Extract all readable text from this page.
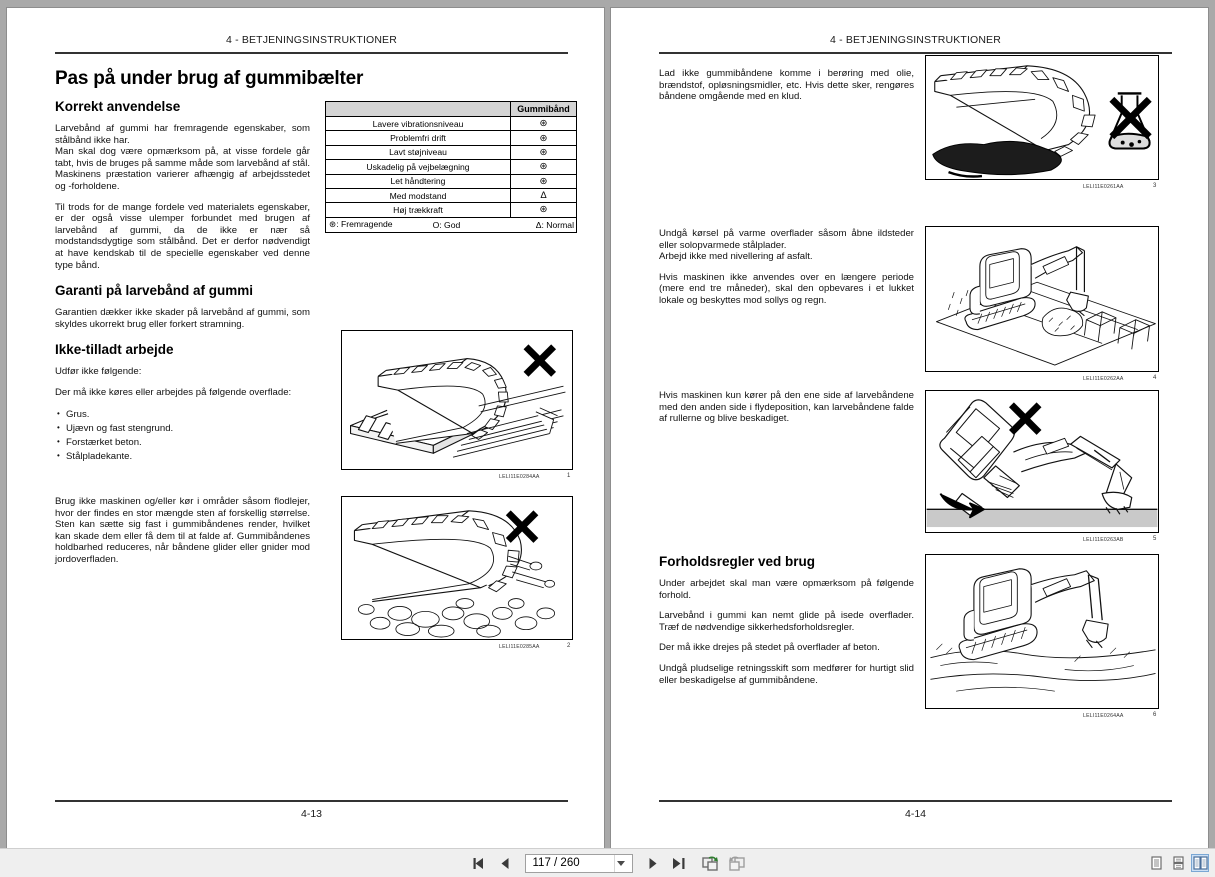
4 - BETJENINGSINSTRUKTIONER
Pas på under brug af gummibælter
Korrekt anvendelse

Larvebånd af gummi har fremragende egenskaber, som stålbånd ikke har.

Man skal dog være opmærksom på, at visse fordele går tabt, hvis de bruges på samme måde som larvebånd af stål. Maskinens præstation varierer afhængig af arbejdsstedet og -forholdene.

Til trods for de mange fordele ved materialets egenskaber, er der også visse ulemper forbundet med brugen af larvebånd af gummi, da de ikke er nær så modstandsdygtige som stålbånd. Det er derfor nødvendigt at have kendskab til de specielle egenskaber ved denne type bånd.

Garanti på larvebånd af gummi

Garantien dækker ikke skader på larvebånd af gummi, som skyldes ukorrekt brug eller forkert stramning.

Ikke-tilladt arbejde

Udfør ikke følgende:

Der må ikke køres eller arbejdes på følgende overflade:

• Grus.
• Ujævn og fast stengrund.
• Forstærket beton.
• Stålpladekante.
	Gummibånd
Lavere vibrationsniveau	⊛
Problemfri drift	⊛
Lavt støjniveau	⊛
Uskadelig på vejbelægning	⊛
Let håndtering	⊛
Med modstand	Δ
Høj trækkraft	⊛

⊛: Fremragende Ο: God Δ: Normal	

Brug ikke maskinen og/eller kør i områder såsom flodlejer, hvor der findes en stor mængde sten af forskellig størrelse. Sten kan sætte sig fast i gummibåndenes render, hvilket kan skade dem eller få dem til at falde af. Gummibåndenes holdbarhed reduceres, når båndene glider eller gnider mod jordoverfladen.

LELI11E0284AA	1
LELI11E0285AA	2
4-13
4 - BETJENINGSINSTRUKTIONER

Lad ikke gummibåndene komme i berøring med olie, brændstof, opløsningsmidler, etc. Hvis dette sker, rengøres båndene omgående med en klud.

Undgå kørsel på varme overflader såsom åbne ildsteder eller solopvarmede stålplader.

Arbejd ikke med nivellering af asfalt.

Hvis maskinen ikke anvendes over en længere periode (mere end tre måneder), skal den opbevares i et lukket lokale og beskyttes mod sollys og regn.

Hvis maskinen kun kører på den ene side af larvebåndene med den anden side i flydeposition, kan larvebåndene falde af rullerne og blive beskadiget.

Forholdsregler ved brug

Under arbejdet skal man være opmærksom på følgende forhold.

Larvebånd i gummi kan nemt glide på isede overflader. Træf de nødvendige sikkerhedsforholdsregler.

Der må ikke drejes på stedet på overflader af beton.

Undgå pludselige retningsskift som medfører for hurtigt slid eller beskadigelse af gummibåndene.

LELI11E0261AA	3
LELI11E0262AA	4
LELI11E0263AB	5
LELI11E0264AA	6
4-14
117 / 260
